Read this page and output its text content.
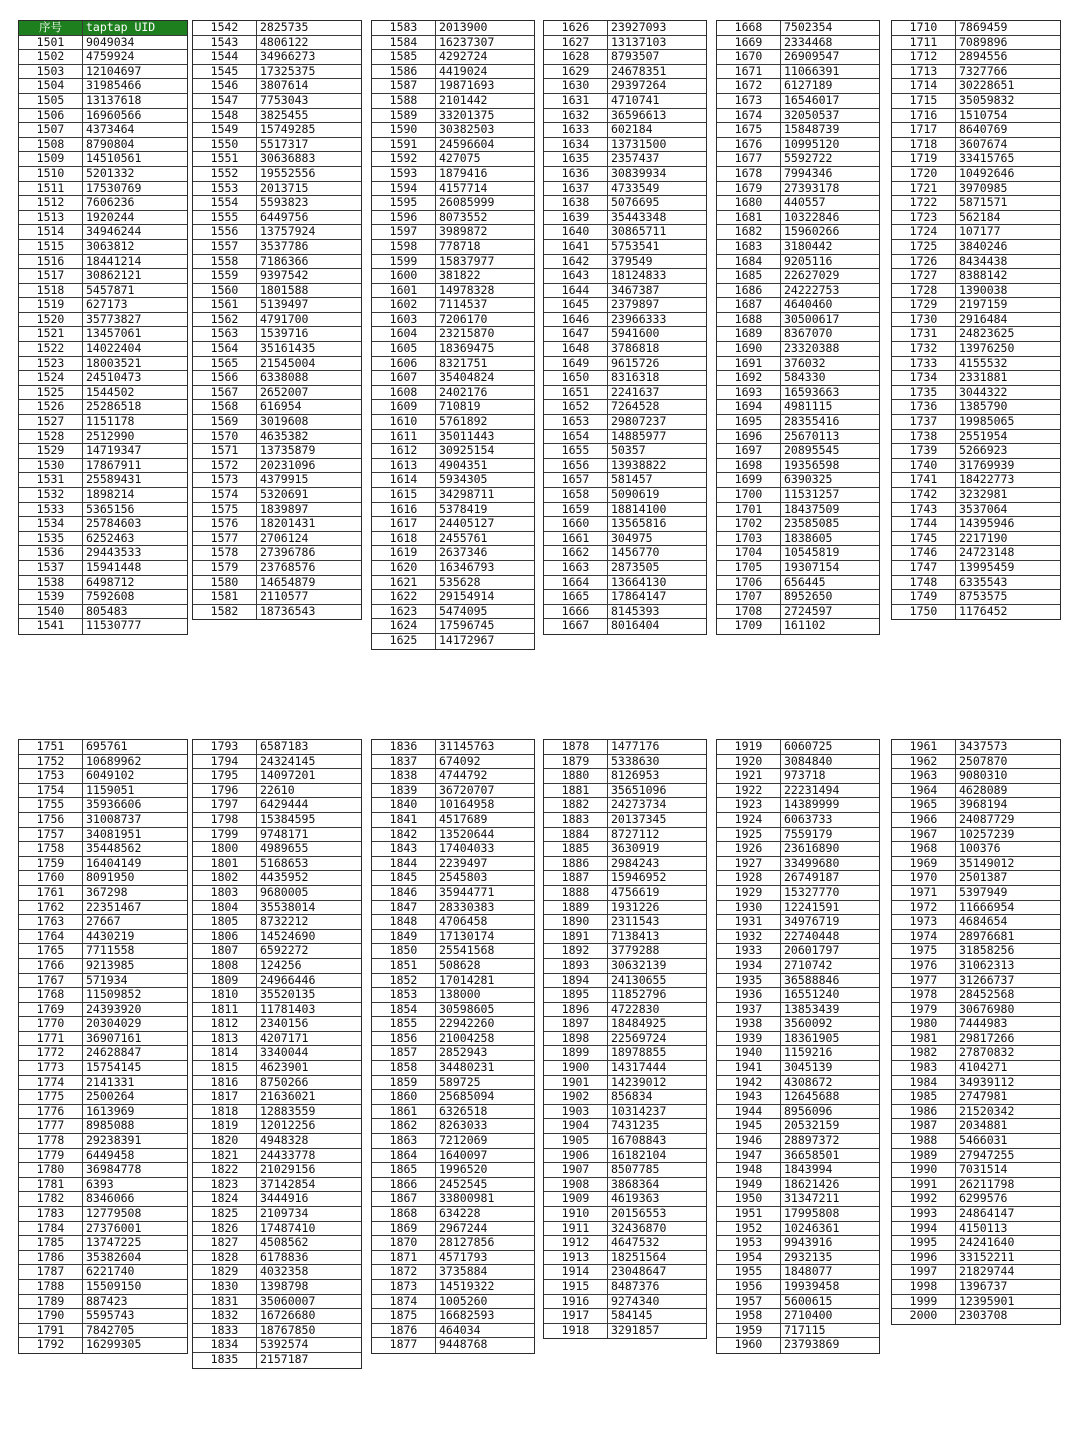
序号	taptap UID
1501	9049034
1502	4759924
1503	12104697
1504	31985466
1505	13137618
1506	16960566
1507	4373464
1508	8790804
1509	14510561
1510	5201332
1511	17530769
1512	7606236
1513	1920244
1514	34946244
1515	3063812
1516	18441214
1517	30862121
1518	5457871
1519	627173
1520	35773827
1521	13457061
1522	14022404
1523	18003521
1524	24510473
1525	1544502
1526	25286518
1527	1151178
1528	2512990
1529	14719347
1530	17867911
1531	25589431
1532	1898214
1533	5365156
1534	25784603
1535	6252463
1536	29443533
1537	15941448
1538	6498712
1539	7592608
1540	805483
1541	11530777
1542	2825735
1543	4806122
1544	34966273
1545	17325375
1546	3807614
1547	7753043
1548	3825455
1549	15749285
1550	5517317
1551	30636883
1552	19552556
1553	2013715
1554	5593823
1555	6449756
1556	13757924
1557	3537786
1558	7186366
1559	9397542
1560	1801588
1561	5139497
1562	4791700
1563	1539716
1564	35161435
1565	21545004
1566	6338088
1567	2652007
1568	616954
1569	3019608
1570	4635382
1571	13735879
1572	20231096
1573	4379915
1574	5320691
1575	1839897
1576	18201431
1577	2706124
1578	27396786
1579	23768576
1580	14654879
1581	2110577
1582	18736543
1583	2013900
1584	16237307
1585	4292724
1586	4419024
1587	19871693
1588	2101442
1589	33201375
1590	30382503
1591	24596604
1592	427075
1593	1879416
1594	4157714
1595	26085999
1596	8073552
1597	3989872
1598	778718
1599	15837977
1600	381822
1601	14978328
1602	7114537
1603	7206170
1604	23215870
1605	18369475
1606	8321751
1607	35404824
1608	2402176
1609	710819
1610	5761892
1611	35011443
1612	30925154
1613	4904351
1614	5934305
1615	34298711
1616	5378419
1617	24405127
1618	2455761
1619	2637346
1620	16346793
1621	535628
1622	29154914
1623	5474095
1624	17596745
1625	14172967
1626	23927093
1627	13137103
1628	8793507
1629	24678351
1630	29397264
1631	4710741
1632	36596613
1633	602184
1634	13731500
1635	2357437
1636	30839934
1637	4733549
1638	5076695
1639	35443348
1640	30865711
1641	5753541
1642	379549
1643	18124833
1644	3467387
1645	2379897
1646	23966333
1647	5941600
1648	3786818
1649	9615726
1650	8316318
1651	2241637
1652	7264528
1653	29807237
1654	14885977
1655	50357
1656	13938822
1657	581457
1658	5090619
1659	18814100
1660	13565816
1661	304975
1662	1456770
1663	2873505
1664	13664130
1665	17864147
1666	8145393
1667	8016404
1668	7502354
1669	2334468
1670	26909547
1671	11066391
1672	6127189
1673	16546017
1674	32050537
1675	15848739
1676	10995120
1677	5592722
1678	7994346
1679	27393178
1680	440557
1681	10322846
1682	15960266
1683	3180442
1684	9205116
1685	22627029
1686	24222753
1687	4640460
1688	30500617
1689	8367070
1690	23320388
1691	376032
1692	584330
1693	16593663
1694	4981115
1695	28355416
1696	25670113
1697	20895545
1698	19356598
1699	6390325
1700	11531257
1701	18437509
1702	23585085
1703	1838605
1704	10545819
1705	19307154
1706	656445
1707	8952650
1708	2724597
1709	161102
1710	7869459
1711	7089896
1712	2894556
1713	7327766
1714	30228651
1715	35059832
1716	1510754
1717	8640769
1718	3607674
1719	33415765
1720	10492646
1721	3970985
1722	5871571
1723	562184
1724	107177
1725	3840246
1726	8434438
1727	8388142
1728	1390038
1729	2197159
1730	2916484
1731	24823625
1732	13976250
1733	4155532
1734	2331881
1735	3044322
1736	1385790
1737	19985065
1738	2551954
1739	5266923
1740	31769939
1741	18422773
1742	3232981
1743	3537064
1744	14395946
1745	2217190
1746	24723148
1747	13995459
1748	6335543
1749	8753575
1750	1176452
1751	695761
1752	10689962
1753	6049102
1754	1159051
1755	35936606
1756	31008737
1757	34081951
1758	35448562
1759	16404149
1760	8091950
1761	367298
1762	22351467
1763	27667
1764	4430219
1765	7711558
1766	9213985
1767	571934
1768	11509852
1769	24393920
1770	20304029
1771	36907161
1772	24628847
1773	15754145
1774	2141331
1775	2500264
1776	1613969
1777	8985088
1778	29238391
1779	6449458
1780	36984778
1781	6393
1782	8346066
1783	12779508
1784	27376001
1785	13747225
1786	35382604
1787	6221740
1788	15509150
1789	887423
1790	5595743
1791	7842705
1792	16299305
1793	6587183
1794	24324145
1795	14097201
1796	22610
1797	6429444
1798	15384595
1799	9748171
1800	4989655
1801	5168653
1802	4435952
1803	9680005
1804	35538014
1805	8732212
1806	14524690
1807	6592272
1808	124256
1809	24966446
1810	35520135
1811	11781403
1812	2340156
1813	4207171
1814	3340044
1815	4623901
1816	8750266
1817	21636021
1818	12883559
1819	12012256
1820	4948328
1821	24433778
1822	21029156
1823	37142854
1824	3444916
1825	2109734
1826	17487410
1827	4508562
1828	6178836
1829	4032358
1830	1398798
1831	35060007
1832	16726680
1833	18767850
1834	5392574
1835	2157187
1836	31145763
1837	674092
1838	4744792
1839	36720707
1840	10164958
1841	4517689
1842	13520644
1843	17404033
1844	2239497
1845	2545803
1846	35944771
1847	28330383
1848	4706458
1849	17130174
1850	25541568
1851	508628
1852	17014281
1853	138000
1854	30598605
1855	22942260
1856	21004258
1857	2852943
1858	34480231
1859	589725
1860	25685094
1861	6326518
1862	8263033
1863	7212069
1864	1640097
1865	1996520
1866	2452545
1867	33800981
1868	634228
1869	2967244
1870	28127856
1871	4571793
1872	3735884
1873	14519322
1874	1005260
1875	16682593
1876	464034
1877	9448768
1878	1477176
1879	5338630
1880	8126953
1881	35651096
1882	24273734
1883	20137345
1884	8727112
1885	3630919
1886	2984243
1887	15946952
1888	4756619
1889	1931226
1890	2311543
1891	7138413
1892	3779288
1893	30632139
1894	24130655
1895	11852796
1896	4722830
1897	18484925
1898	22569724
1899	18978855
1900	14317444
1901	14239012
1902	856834
1903	10314237
1904	7431235
1905	16708843
1906	16182104
1907	8507785
1908	3868364
1909	4619363
1910	20156553
1911	32436870
1912	4647532
1913	18251564
1914	23048647
1915	8487376
1916	9274340
1917	584145
1918	3291857
1919	6060725
1920	3084840
1921	973718
1922	22231494
1923	14389999
1924	6063733
1925	7559179
1926	23616890
1927	33499680
1928	26749187
1929	15327770
1930	12241591
1931	34976719
1932	22740448
1933	20601797
1934	2710742
1935	36588846
1936	16551240
1937	13853439
1938	3560092
1939	18361905
1940	1159216
1941	3045139
1942	4308672
1943	12645688
1944	8956096
1945	20532159
1946	28897372
1947	36658501
1948	1843994
1949	18621426
1950	31347211
1951	17995808
1952	10246361
1953	9943916
1954	2932135
1955	1848077
1956	19939458
1957	5600615
1958	2710400
1959	717115
1960	23793869
1961	3437573
1962	2507870
1963	9080310
1964	4628089
1965	3968194
1966	24087729
1967	10257239
1968	100376
1969	35149012
1970	2501387
1971	5397949
1972	11666954
1973	4684654
1974	28976681
1975	31858256
1976	31062313
1977	31266737
1978	28452568
1979	30676980
1980	7444983
1981	29817266
1982	27870832
1983	4104271
1984	34939112
1985	2747981
1986	21520342
1987	2034881
1988	5466031
1989	27947255
1990	7031514
1991	26211798
1992	6299576
1993	24864147
1994	4150113
1995	24241640
1996	33152211
1997	21829744
1998	1396737
1999	12395901
2000	2303708
